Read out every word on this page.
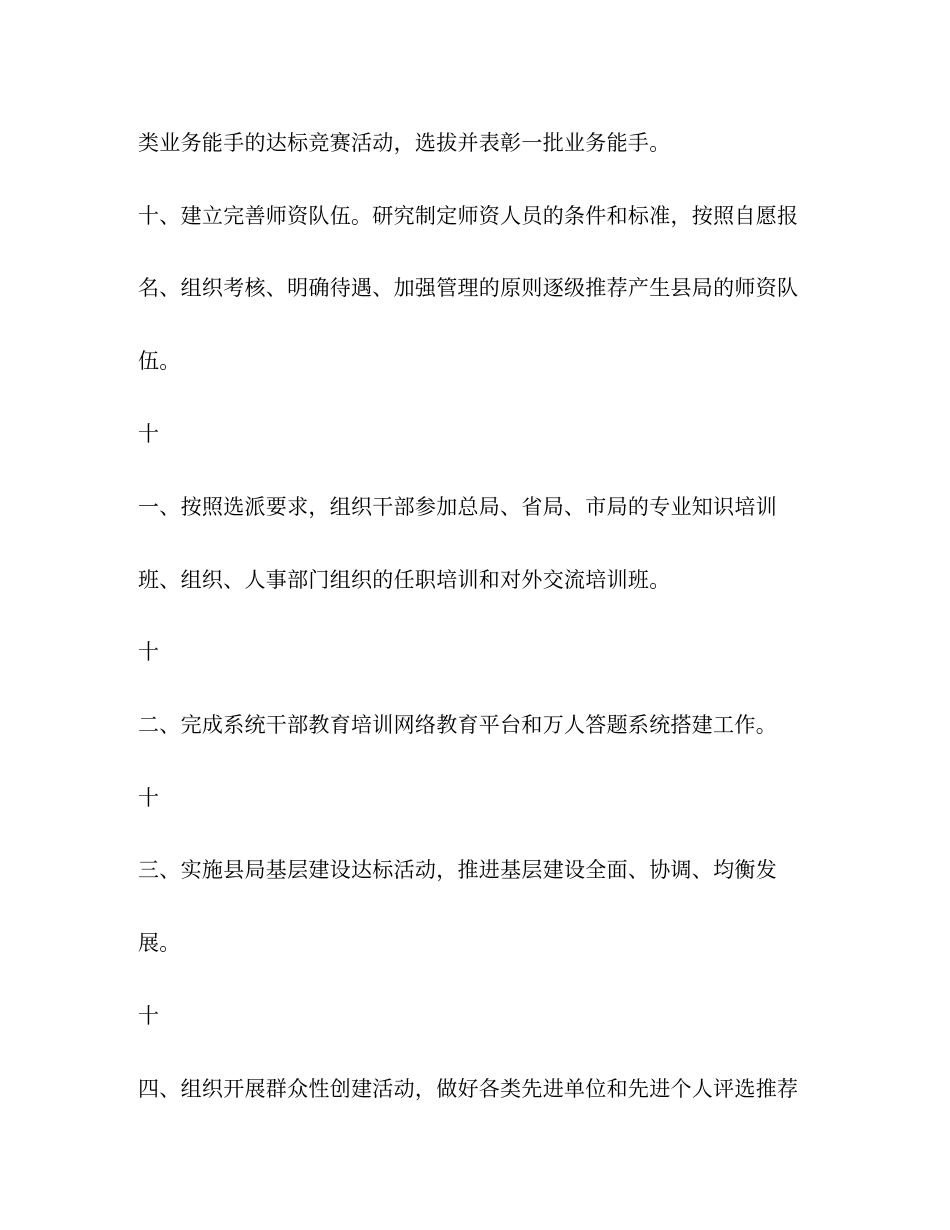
类业务能手的达标竞赛活动，选拔并表彰一批业务能手。

十、建立完善师资队伍。研究制定师资人员的条件和标准，按照自愿报

名、组织考核、明确待遇、加强管理的原则逐级推荐产生县局的师资队

伍。

十

一、按照选派要求，组织干部参加总局、省局、市局的专业知识培训

班、组织、人事部门组织的任职培训和对外交流培训班。

十

二、完成系统干部教育培训网络教育平台和万人答题系统搭建工作。

十

三、实施县局基层建设达标活动，推进基层建设全面、协调、均衡发

展。

十

四、组织开展群众性创建活动，做好各类先进单位和先进个人评选推荐
